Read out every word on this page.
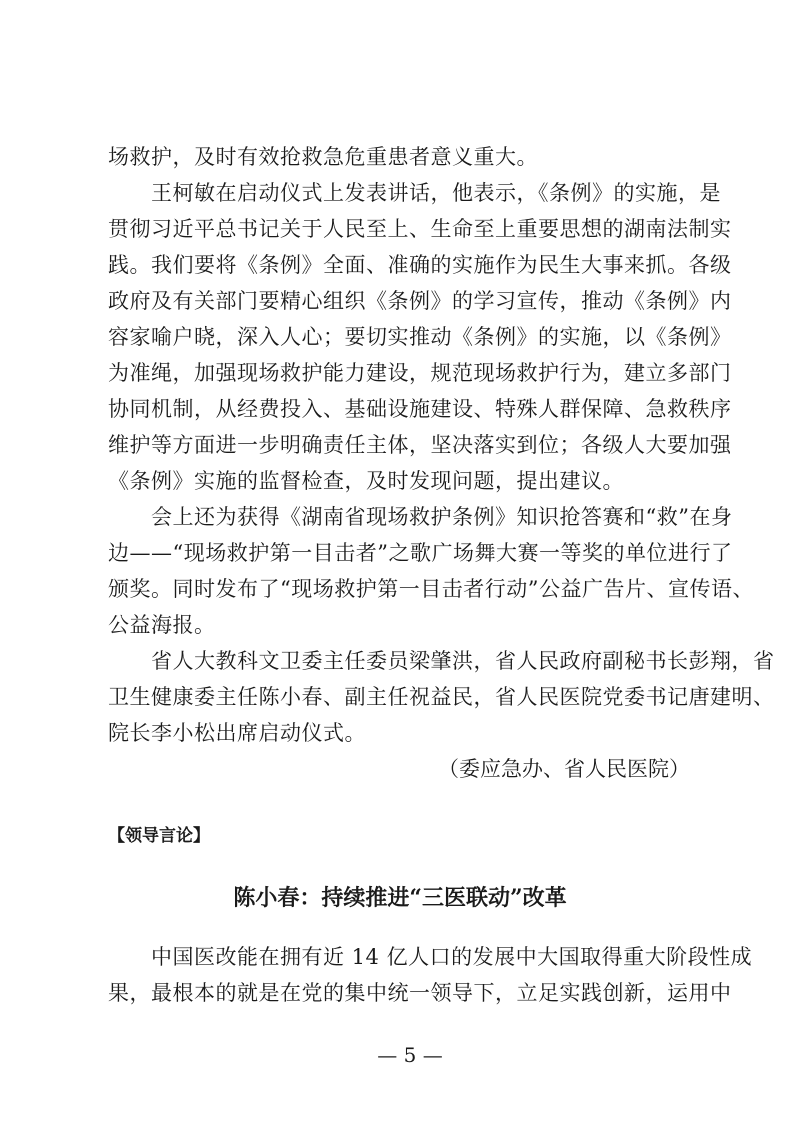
场救护，及时有效抢救急危重患者意义重大。
　　王柯敏在启动仪式上发表讲话，他表示，《条例》的实施，是
贯彻习近平总书记关于人民至上、生命至上重要思想的湖南法制实
践。我们要将《条例》全面、准确的实施作为民生大事来抓。各级
政府及有关部门要精心组织《条例》的学习宣传，推动《条例》内
容家喻户晓，深入人心；要切实推动《条例》的实施，以《条例》
为准绳，加强现场救护能力建设，规范现场救护行为，建立多部门
协同机制，从经费投入、基础设施建设、特殊人群保障、急救秩序
维护等方面进一步明确责任主体，坚决落实到位；各级人大要加强
《条例》实施的监督检查，及时发现问题，提出建议。
　　会上还为获得《湖南省现场救护条例》知识抢答赛和“救”在身
边——“现场救护第一目击者”之歌广场舞大赛一等奖的单位进行了
颁奖。同时发布了“现场救护第一目击者行动”公益广告片、宣传语、
公益海报。
　　省人大教科文卫委主任委员梁肇洪，省人民政府副秘书长彭翔，省
卫生健康委主任陈小春、副主任祝益民，省人民医院党委书记唐建明、
院长李小松出席启动仪式。
（委应急办、省人民医院）
【领导言论】
陈小春：持续推进“三医联动”改革
　　中国医改能在拥有近 14 亿人口的发展中大国取得重大阶段性成
果，最根本的就是在党的集中统一领导下，立足实践创新，运用中
— 5 —
